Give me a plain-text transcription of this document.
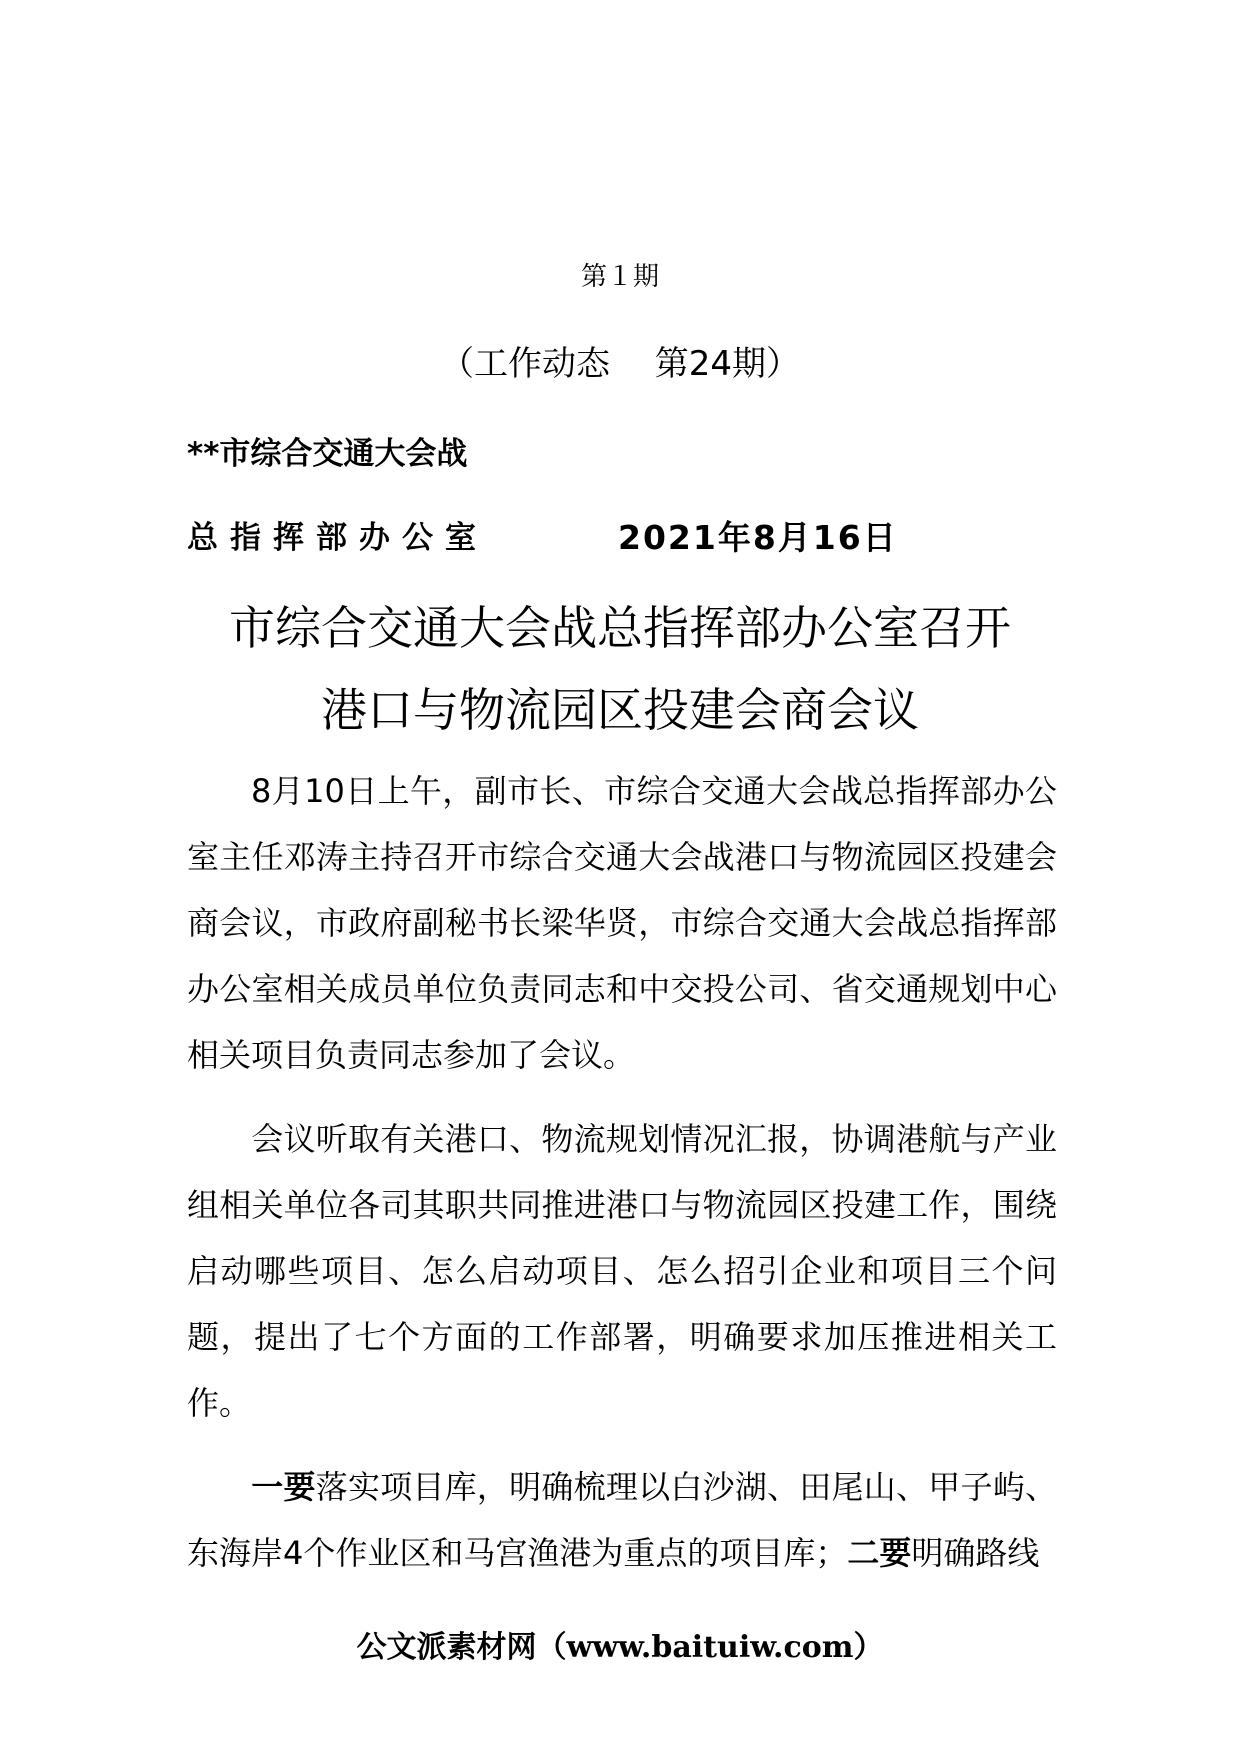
第１期
（工作动态　 第24期）
**市综合交通大会战
总指挥部办公室	2021年8月16日
市综合交通大会战总指挥部办公室召开
港口与物流园区投建会商会议
8月10日上午，副市长、市综合交通大会战总指挥部办公室主任邓涛主持召开市综合交通大会战港口与物流园区投建会商会议，市政府副秘书长梁华贤，市综合交通大会战总指挥部办公室相关成员单位负责同志和中交投公司、省交通规划中心相关项目负责同志参加了会议。
会议听取有关港口、物流规划情况汇报，协调港航与产业组相关单位各司其职共同推进港口与物流园区投建工作，围绕启动哪些项目、怎么启动项目、怎么招引企业和项目三个问题，提出了七个方面的工作部署，明确要求加压推进相关工作。
一要落实项目库，明确梳理以白沙湖、田尾山、甲子屿、东海岸4个作业区和马宫渔港为重点的项目库；二要明确路线
公文派素材网（www.baituiw.com）
